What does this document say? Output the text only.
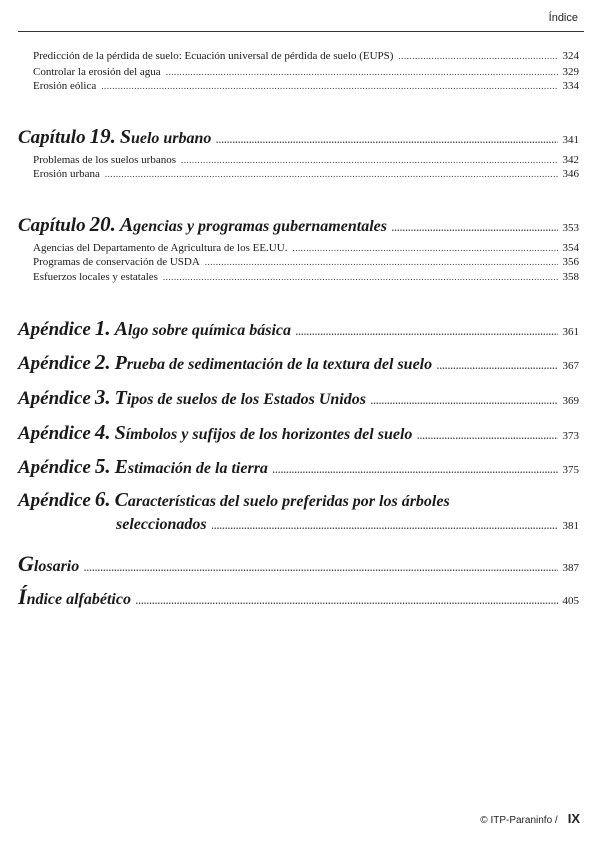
Índice
Predicción de la pérdida de suelo: Ecuación universal de pérdida de suelo (EUPS) .....	324
Controlar la erosión del agua .....	329
Erosión eólica .....	334
Capítulo 19. Suelo urbano .....	341
Problemas de los suelos urbanos .....	342
Erosión urbana .....	346
Capítulo 20. Agencias y programas gubernamentales .....	353
Agencias del Departamento de Agricultura de los EE.UU. .....	354
Programas de conservación de USDA .....	356
Esfuerzos locales y estatales .....	358
Apéndice 1. Algo sobre química básica .....	361
Apéndice 2. Prueba de sedimentación de la textura del suelo .....	367
Apéndice 3. Tipos de suelos de los Estados Unidos .....	369
Apéndice 4. Símbolos y sufijos de los horizontes del suelo .....	373
Apéndice 5. Estimación de la tierra .....	375
Apéndice 6. Características del suelo preferidas por los árboles
seleccionados .....	381
Glosario .....	387
Índice alfabético .....	405
© ITP-Paraninfo / IX
